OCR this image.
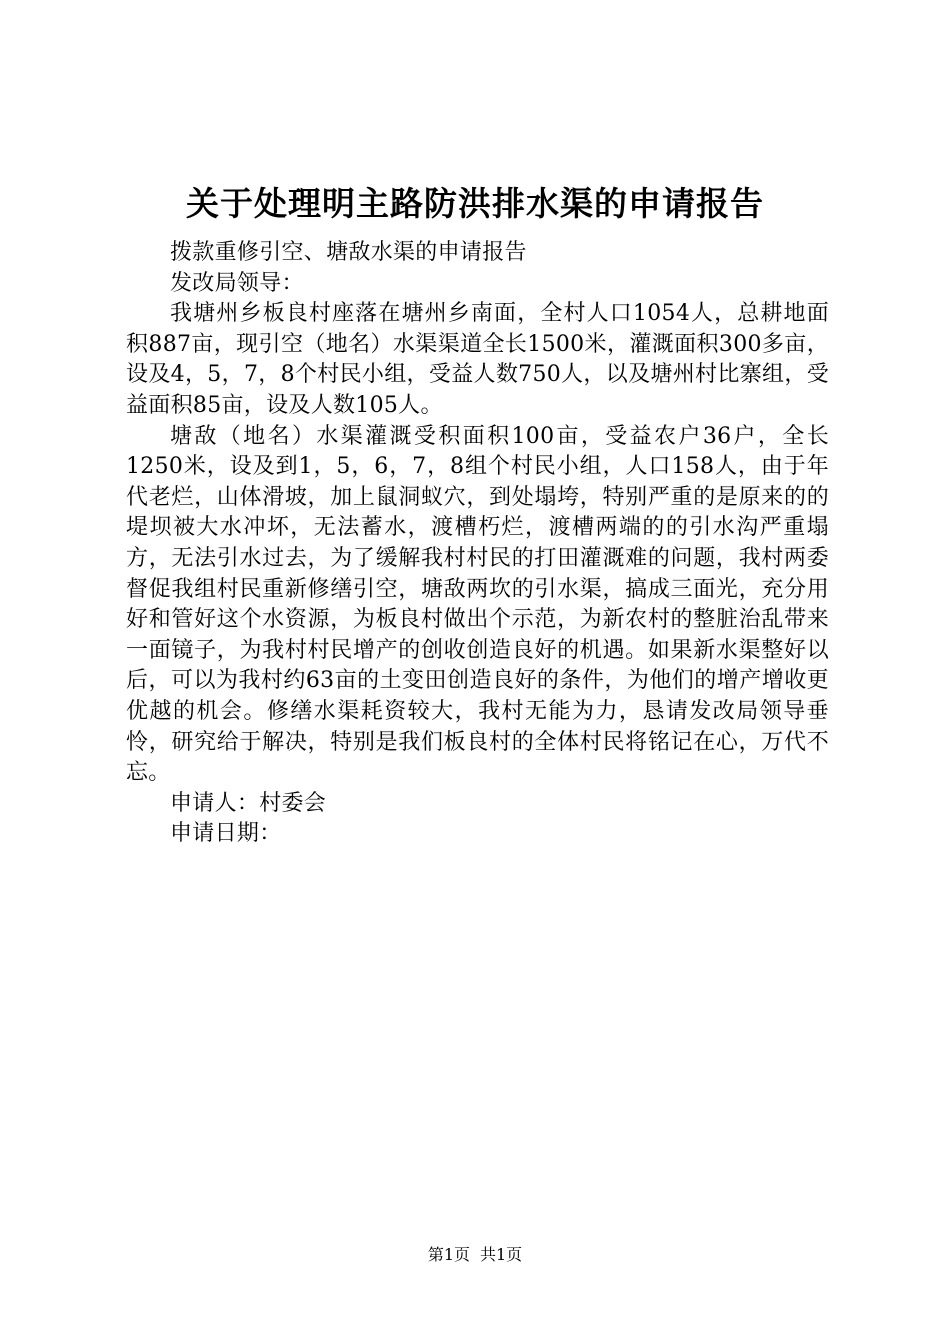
关于处理明主路防洪排水渠的申请报告

拨款重修引空、塘敌水渠的申请报告

发改局领导：

我塘州乡板良村座落在塘州乡南面，全村人口1054人，总耕地面积887亩，现引空（地名）水渠渠道全长1500米，灌溉面积300多亩，设及4，5，7，8个村民小组，受益人数750人，以及塘州村比寨组，受益面积85亩，设及人数105人。

塘敌（地名）水渠灌溉受积面积100亩，受益农户36户，全长1250米，设及到1，5，6，7，8组个村民小组，人口158人，由于年代老烂，山体滑坡，加上鼠洞蚁穴，到处塌垮，特别严重的是原来的的堤坝被大水冲坏，无法蓄水，渡槽朽烂，渡槽两端的的引水沟严重塌方，无法引水过去，为了缓解我村村民的打田灌溉难的问题，我村两委督促我组村民重新修缮引空，塘敌两坎的引水渠，搞成三面光，充分用好和管好这个水资源，为板良村做出个示范，为新农村的整脏治乱带来一面镜子，为我村村民增产的创收创造良好的机遇。如果新水渠整好以后，可以为我村约63亩的土变田创造良好的条件，为他们的增产增收更优越的机会。修缮水渠耗资较大，我村无能为力，恳请发改局领导垂怜，研究给于解决，特别是我们板良村的全体村民将铭记在心，万代不忘。

申请人：村委会

申请日期：

第1页 共1页
